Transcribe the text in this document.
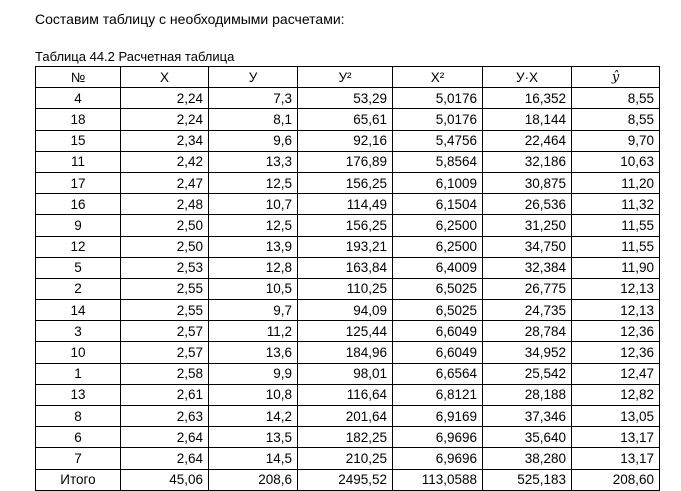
Составим таблицу с необходимыми расчетами:
Таблица 44.2 Расчетная таблица
№	X	У	У²	Х²	У·Х	ŷ
4	2,24	7,3	53,29	5,0176	16,352	8,55
18	2,24	8,1	65,61	5,0176	18,144	8,55
15	2,34	9,6	92,16	5,4756	22,464	9,70
11	2,42	13,3	176,89	5,8564	32,186	10,63
17	2,47	12,5	156,25	6,1009	30,875	11,20
16	2,48	10,7	114,49	6,1504	26,536	11,32
9	2,50	12,5	156,25	6,2500	31,250	11,55
12	2,50	13,9	193,21	6,2500	34,750	11,55
5	2,53	12,8	163,84	6,4009	32,384	11,90
2	2,55	10,5	110,25	6,5025	26,775	12,13
14	2,55	9,7	94,09	6,5025	24,735	12,13
3	2,57	11,2	125,44	6,6049	28,784	12,36
10	2,57	13,6	184,96	6,6049	34,952	12,36
1	2,58	9,9	98,01	6,6564	25,542	12,47
13	2,61	10,8	116,64	6,8121	28,188	12,82
8	2,63	14,2	201,64	6,9169	37,346	13,05
6	2,64	13,5	182,25	6,9696	35,640	13,17
7	2,64	14,5	210,25	6,9696	38,280	13,17
Итого	45,06	208,6	2495,52	113,0588	525,183	208,60
